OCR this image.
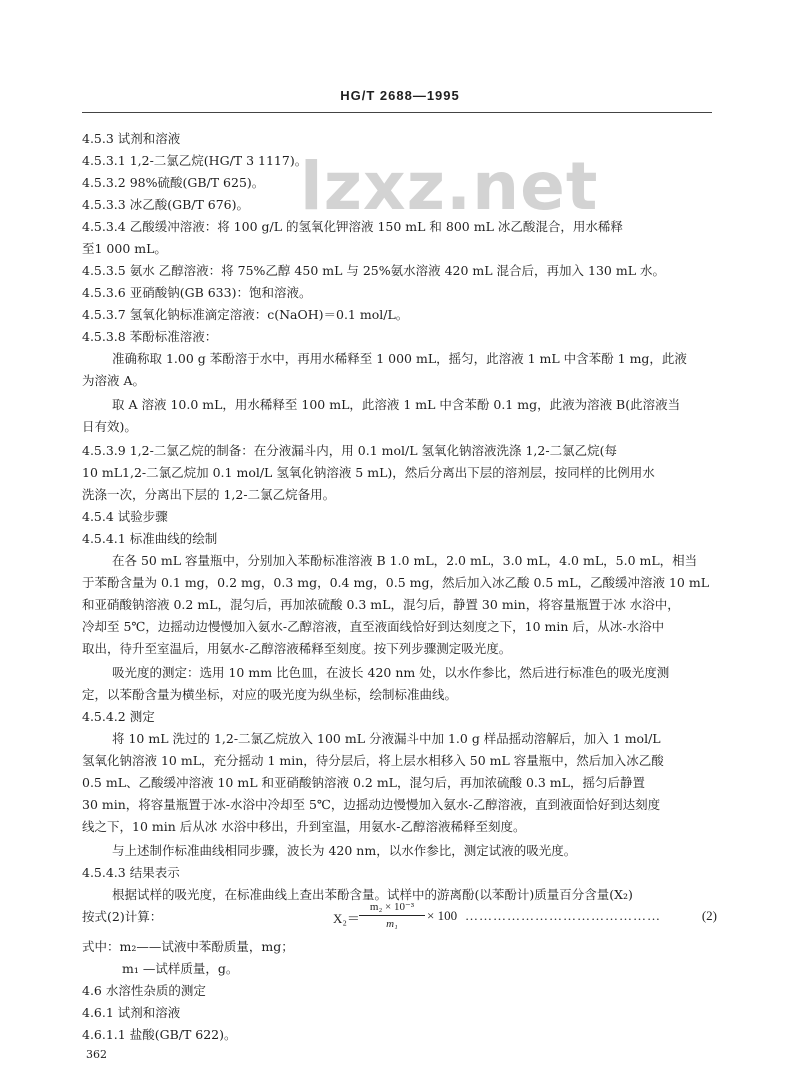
HG/T 2688—1995
lzxz.net
4.5.3 试剂和溶液
4.5.3.1 1,2-二氯乙烷(HG/T 3 1117)。
4.5.3.2 98%硫酸(GB/T 625)。
4.5.3.3 冰乙酸(GB/T 676)。
4.5.3.4 乙酸缓冲溶液：将 100 g/L 的氢氧化钾溶液 150 mL 和 800 mL 冰乙酸混合，用水稀释
至1 000 mL。
4.5.3.5 氨水 乙醇溶液：将 75%乙醇 450 mL 与 25%氨水溶液 420 mL 混合后，再加入 130 mL 水。
4.5.3.6 亚硝酸钠(GB 633)：饱和溶液。
4.5.3.7 氢氧化钠标准滴定溶液：c(NaOH)＝0.1 mol/L。
4.5.3.8 苯酚标准溶液：
准确称取 1.00 g 苯酚溶于水中，再用水稀释至 1 000 mL，摇匀，此溶液 1 mL 中含苯酚 1 mg，此液
为溶液 A。
取 A 溶液 10.0 mL，用水稀释至 100 mL，此溶液 1 mL 中含苯酚 0.1 mg，此液为溶液 B(此溶液当
日有效)。
4.5.3.9 1,2-二氯乙烷的制备：在分液漏斗内，用 0.1 mol/L 氢氧化钠溶液洗涤 1,2-二氯乙烷(每
10 mL1,2-二氯乙烷加 0.1 mol/L 氢氧化钠溶液 5 mL)，然后分离出下层的溶剂层，按同样的比例用水
洗涤一次，分离出下层的 1,2-二氯乙烷备用。
4.5.4 试验步骤
4.5.4.1 标准曲线的绘制
在各 50 mL 容量瓶中，分别加入苯酚标准溶液 B 1.0 mL，2.0 mL，3.0 mL，4.0 mL，5.0 mL，相当
于苯酚含量为 0.1 mg，0.2 mg，0.3 mg，0.4 mg，0.5 mg，然后加入冰乙酸 0.5 mL，乙酸缓冲溶液 10 mL
和亚硝酸钠溶液 0.2 mL，混匀后，再加浓硫酸 0.3 mL，混匀后，静置 30 min，将容量瓶置于冰 水浴中，
冷却至 5℃，边摇动边慢慢加入氨水-乙醇溶液，直至液面线恰好到达刻度之下，10 min 后，从冰-水浴中
取出，待升至室温后，用氨水-乙醇溶液稀释至刻度。按下列步骤测定吸光度。
吸光度的测定：选用 10 mm 比色皿，在波长 420 nm 处，以水作参比，然后进行标准色的吸光度测
定，以苯酚含量为横坐标，对应的吸光度为纵坐标，绘制标准曲线。
4.5.4.2 测定
将 10 mL 洗过的 1,2-二氯乙烷放入 100 mL 分液漏斗中加 1.0 g 样品摇动溶解后，加入 1 mol/L
氢氧化钠溶液 10 mL，充分摇动 1 min，待分层后，将上层水相移入 50 mL 容量瓶中，然后加入冰乙酸
0.5 mL、乙酸缓冲溶液 10 mL 和亚硝酸钠溶液 0.2 mL，混匀后，再加浓硫酸 0.3 mL，摇匀后静置
30 min，将容量瓶置于冰-水浴中冷却至 5℃，边摇动边慢慢加入氨水-乙醇溶液，直到液面恰好到达刻度
线之下，10 min 后从冰 水浴中移出，升到室温，用氨水-乙醇溶液稀释至刻度。
与上述制作标准曲线相同步骤，波长为 420 nm，以水作参比，测定试液的吸光度。
4.5.4.3 结果表示
根据试样的吸光度，在标准曲线上查出苯酚含量。试样中的游离酚(以苯酚计)质量百分含量(X₂)
按式(2)计算：	X₂＝
m₂ × 10⁻³
m₁
× 100 ……………………………………	(2)
式中：m₂——试液中苯酚质量，mg；
m₁ —试样质量，g。
4.6 水溶性杂质的测定
4.6.1 试剂和溶液
4.6.1.1 盐酸(GB/T 622)。
362
